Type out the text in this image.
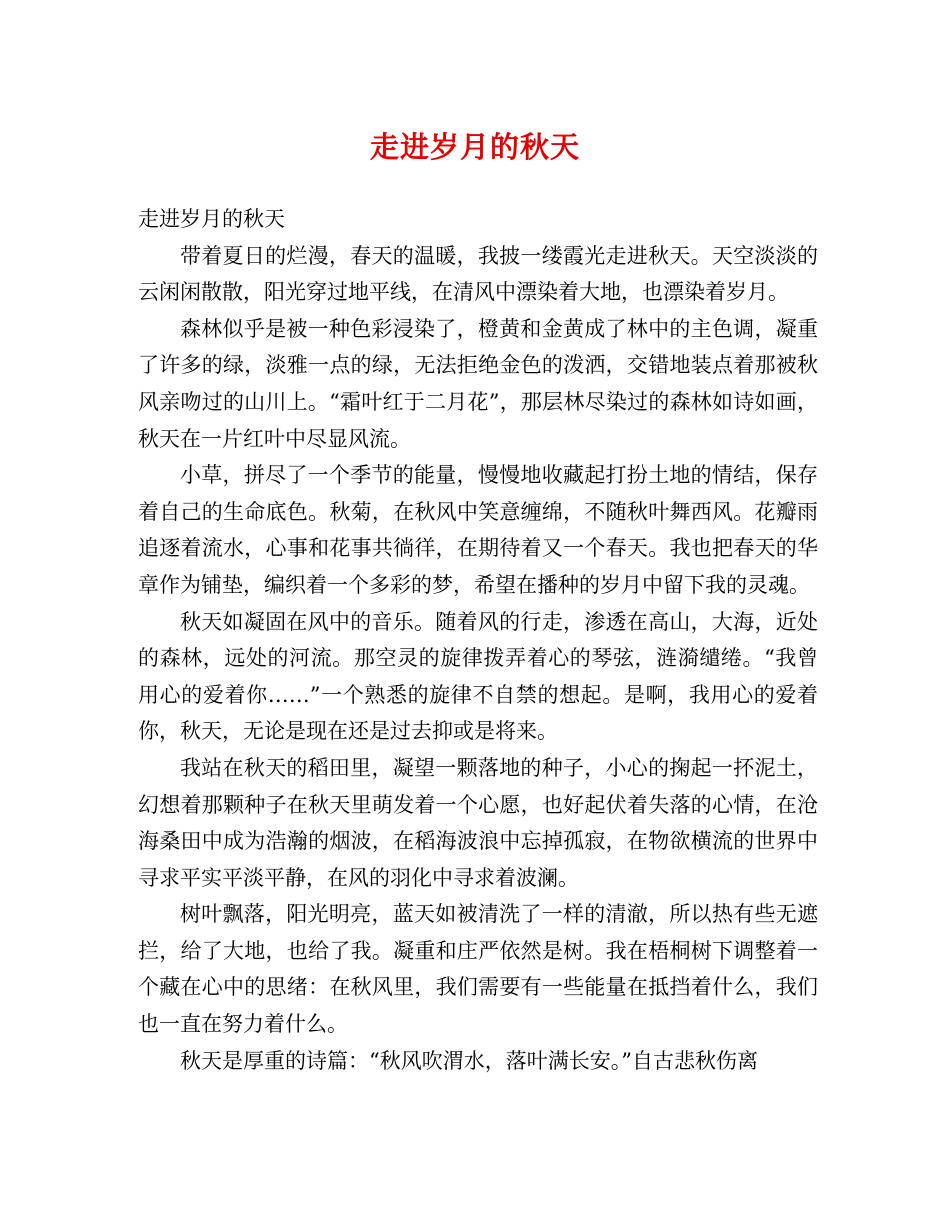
走进岁月的秋天

走进岁月的秋天

带着夏日的烂漫，春天的温暖，我披一缕霞光走进秋天。天空淡淡的云闲闲散散，阳光穿过地平线，在清风中漂染着大地，也漂染着岁月。

森林似乎是被一种色彩浸染了，橙黄和金黄成了林中的主色调，凝重了许多的绿，淡雅一点的绿，无法拒绝金色的泼洒，交错地装点着那被秋风亲吻过的山川上。“霜叶红于二月花”，那层林尽染过的森林如诗如画，秋天在一片红叶中尽显风流。

小草，拼尽了一个季节的能量，慢慢地收藏起打扮土地的情结，保存着自己的生命底色。秋菊，在秋风中笑意缠绵，不随秋叶舞西风。花瓣雨追逐着流水，心事和花事共徜徉，在期待着又一个春天。我也把春天的华章作为铺垫，编织着一个多彩的梦，希望在播种的岁月中留下我的灵魂。

秋天如凝固在风中的音乐。随着风的行走，渗透在高山，大海，近处的森林，远处的河流。那空灵的旋律拨弄着心的琴弦，涟漪缱绻。“我曾用心的爱着你……”一个熟悉的旋律不自禁的想起。是啊，我用心的爱着你，秋天，无论是现在还是过去抑或是将来。

我站在秋天的稻田里，凝望一颗落地的种子，小心的掬起一抔泥土，幻想着那颗种子在秋天里萌发着一个心愿，也好起伏着失落的心情，在沧海桑田中成为浩瀚的烟波，在稻海波浪中忘掉孤寂，在物欲横流的世界中寻求平实平淡平静，在风的羽化中寻求着波澜。

树叶飘落，阳光明亮，蓝天如被清洗了一样的清澈，所以热有些无遮拦，给了大地，也给了我。凝重和庄严依然是树。我在梧桐树下调整着一个藏在心中的思绪：在秋风里，我们需要有一些能量在抵挡着什么，我们也一直在努力着什么。

秋天是厚重的诗篇：“秋风吹渭水，落叶满长安。”自古悲秋伤离
